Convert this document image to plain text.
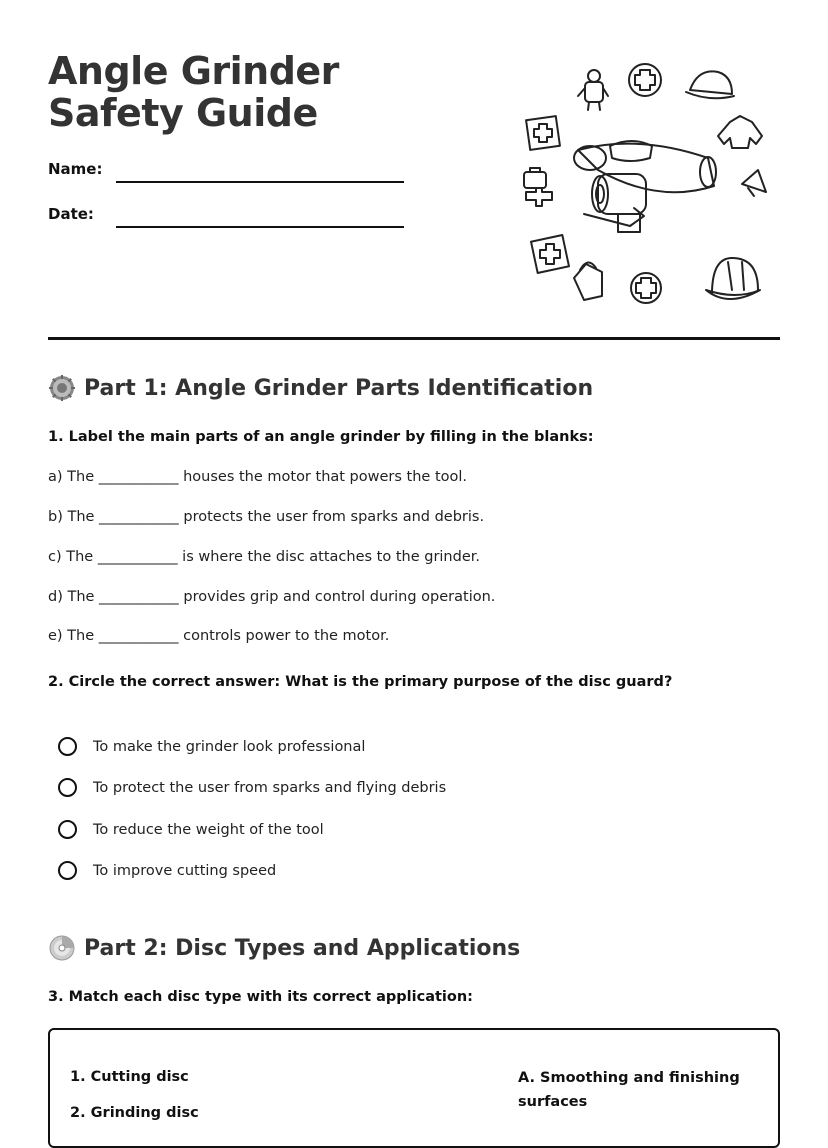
Angle Grinder Safety Guide
Name:
Date:
Part 1: Angle Grinder Parts Identification
1. Label the main parts of an angle grinder by filling in the blanks:
a) The ___________ houses the motor that powers the tool.
b) The ___________ protects the user from sparks and debris.
c) The ___________ is where the disc attaches to the grinder.
d) The ___________ provides grip and control during operation.
e) The ___________ controls power to the motor.
2. Circle the correct answer: What is the primary purpose of the disc guard?
To make the grinder look professional
To protect the user from sparks and flying debris
To reduce the weight of the tool
To improve cutting speed
Part 2: Disc Types and Applications
3. Match each disc type with its correct application:
1. Cutting disc
2. Grinding disc
A. Smoothing and finishing surfaces
